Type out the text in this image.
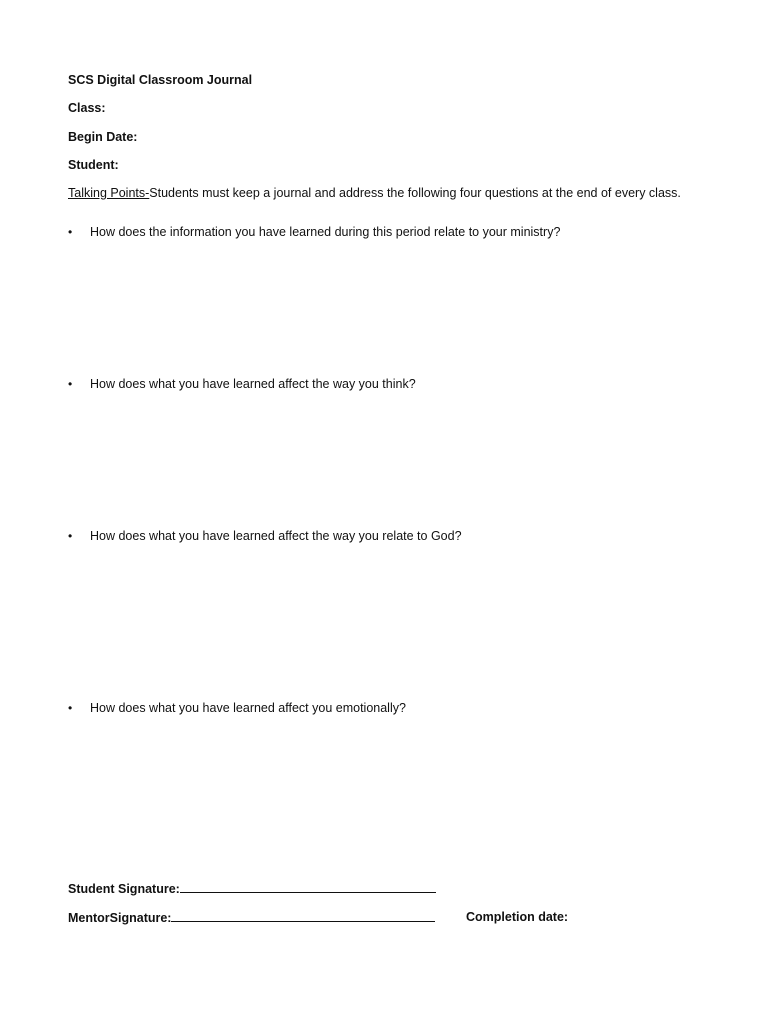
SCS Digital Classroom Journal
Class:
Begin Date:
Student:
Talking Points-Students must keep a journal and address the following four questions at the end of every class.
• How does the information you have learned during this period relate to your ministry?
• How does what you have learned affect the way you think?
• How does what you have learned affect the way you relate to God?
• How does what you have learned affect you emotionally?
Student Signature:
MentorSignature:	Completion date:
